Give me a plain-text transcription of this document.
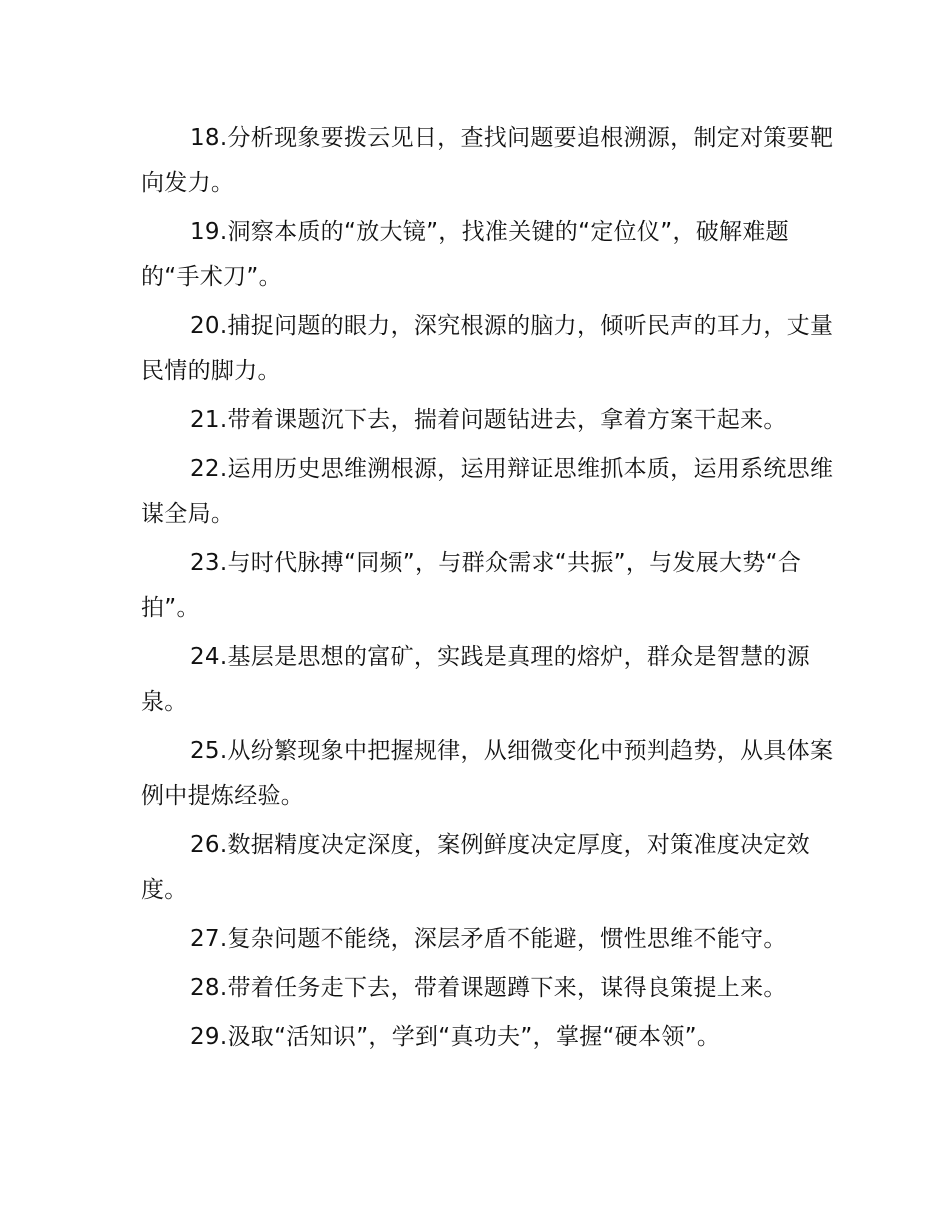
18.分析现象要拨云见日，查找问题要追根溯源，制定对策要靶向发力。

19.洞察本质的“放大镜”，找准关键的“定位仪”，破解难题的“手术刀”。

20.捕捉问题的眼力，深究根源的脑力，倾听民声的耳力，丈量民情的脚力。

21.带着课题沉下去，揣着问题钻进去，拿着方案干起来。

22.运用历史思维溯根源，运用辩证思维抓本质，运用系统思维谋全局。

23.与时代脉搏“同频”，与群众需求“共振”，与发展大势“合拍”。

24.基层是思想的富矿，实践是真理的熔炉，群众是智慧的源泉。

25.从纷繁现象中把握规律，从细微变化中预判趋势，从具体案例中提炼经验。

26.数据精度决定深度，案例鲜度决定厚度，对策准度决定效度。

27.复杂问题不能绕，深层矛盾不能避，惯性思维不能守。

28.带着任务走下去，带着课题蹲下来，谋得良策提上来。

29.汲取“活知识”，学到“真功夫”，掌握“硬本领”。
